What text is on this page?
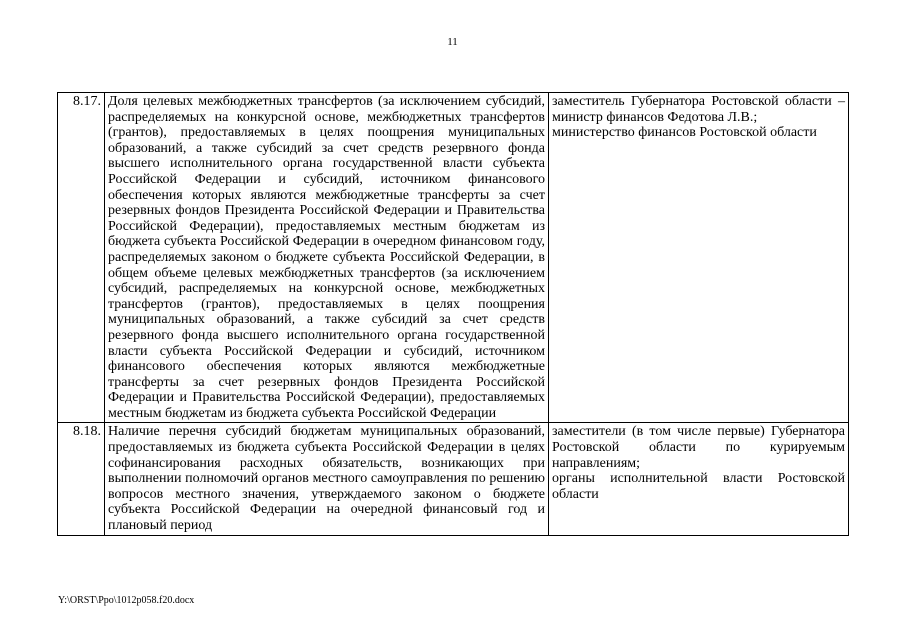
11
8.17.	Доля целевых межбюджетных трансфертов (за исключением субсидий, распределяемых на конкурсной основе, межбюджетных трансфертов (грантов), предоставляемых в целях поощрения муниципальных образований, а также субсидий за счет средств резервного фонда высшего исполнительного органа государственной власти субъекта Российской Федерации и субсидий, источником финансового обеспечения которых являются межбюджетные трансферты за счет резервных фондов Президента Российской Федерации и Правительства Российской Федерации), предоставляемых местным бюджетам из бюджета субъекта Российской Федерации в очередном финансовом году, распределяемых законом о бюджете субъекта Российской Федерации, в общем объеме целевых межбюджетных трансфертов (за исключением субсидий, распределяемых на конкурсной основе, межбюджетных трансфертов (грантов), предоставляемых в целях поощрения муниципальных образований, а также субсидий за счет средств резервного фонда высшего исполнительного органа государственной власти субъекта Российской Федерации и субсидий, источником финансового обеспечения которых являются межбюджетные трансферты за счет резервных фондов Президента Российской Федерации и Правительства Российской Федерации), предоставляемых местным бюджетам из бюджета субъекта Российской Федерации	заместитель Губернатора Ростовской области – министр финансов Федотова Л.В.;
министерство финансов Ростовской области

8.18.	Наличие перечня субсидий бюджетам муниципальных образований, предоставляемых из бюджета субъекта Российской Федерации в целях софинансирования расходных обязательств, возникающих при выполнении полномочий органов местного самоуправления по решению вопросов местного значения, утверждаемого законом о бюджете субъекта Российской Федерации на очередной финансовый год и плановый период	заместители (в том числе первые) Губернатора Ростовской области по курируемым направлениям;
органы исполнительной власти Ростовской области
Y:\ORST\Ppo\1012p058.f20.docx
